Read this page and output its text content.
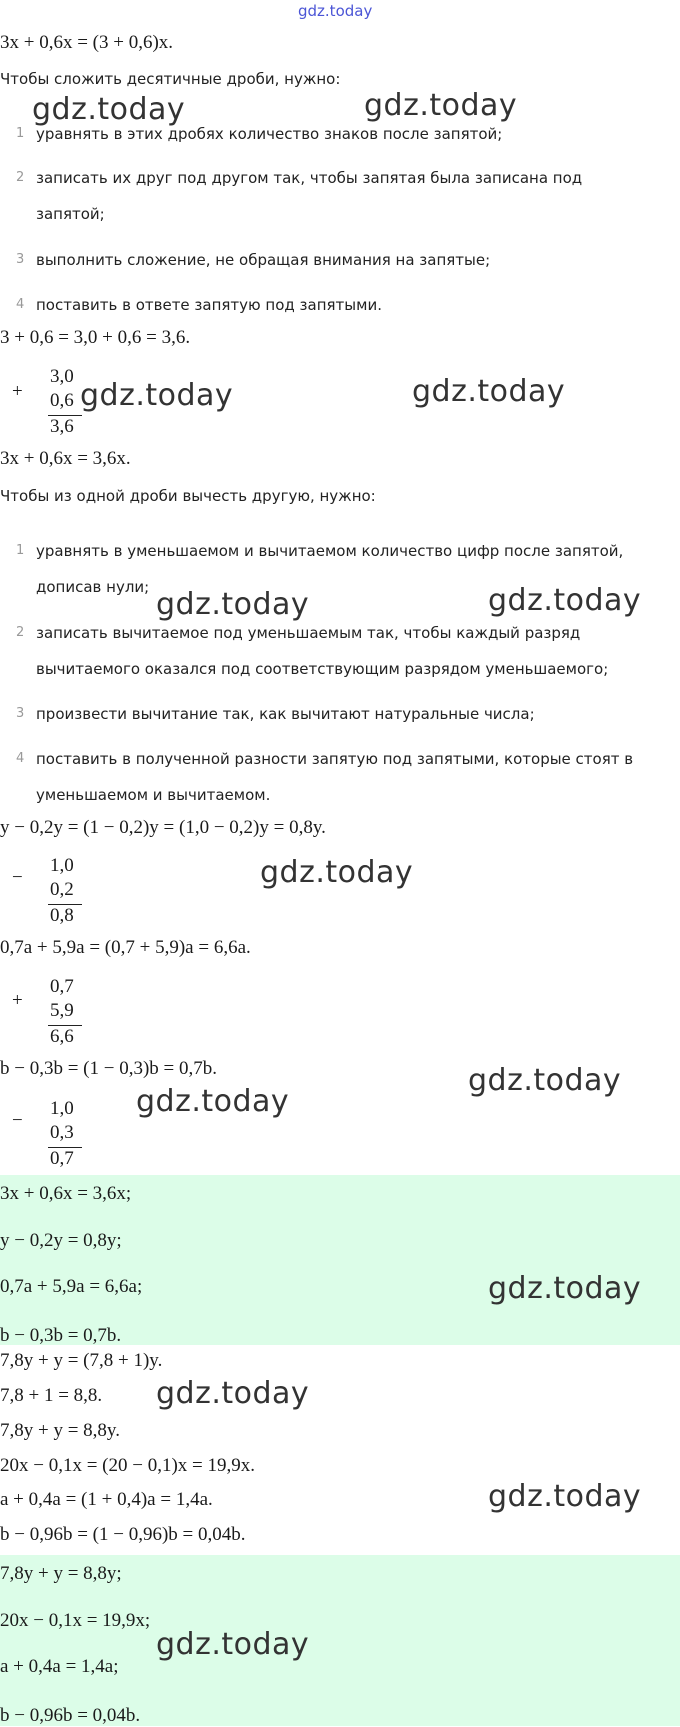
gdz.today
3x + 0,6x = (3 + 0,6)x.
Чтобы сложить десятичные дроби, нужно:
1 уравнять в этих дробях количество знаков после запятой;
2 записать их друг под другом так, чтобы запятая была записана под
запятой;
3 выполнить сложение, не обращая внимания на запятые;
4 поставить в ответе запятую под запятыми.
3 + 0,6 = 3,0 + 0,6 = 3,6.
+
3,0
0,6
3,6
3x + 0,6x = 3,6x.
Чтобы из одной дроби вычесть другую, нужно:
1 уравнять в уменьшаемом и вычитаемом количество цифр после запятой,
дописав нули;
2 записать вычитаемое под уменьшаемым так, чтобы каждый разряд
вычитаемого оказался под соответствующим разрядом уменьшаемого;
3 произвести вычитание так, как вычитают натуральные числа;
4 поставить в полученной разности запятую под запятыми, которые стоят в
уменьшаемом и вычитаемом.
y − 0,2y = (1 − 0,2)y = (1,0 − 0,2)y = 0,8y.
−
1,0
0,2
0,8
0,7a + 5,9a = (0,7 + 5,9)a = 6,6a.
+
0,7
5,9
6,6
b − 0,3b = (1 − 0,3)b = 0,7b.
−
1,0
0,3
0,7
3x + 0,6x = 3,6x;
y − 0,2y = 0,8y;
0,7a + 5,9a = 6,6a;
b − 0,3b = 0,7b.
7,8y + y = (7,8 + 1)y.
7,8 + 1 = 8,8.
7,8y + y = 8,8y.
20x − 0,1x = (20 − 0,1)x = 19,9x.
a + 0,4a = (1 + 0,4)a = 1,4a.
b − 0,96b = (1 − 0,96)b = 0,04b.
7,8y + y = 8,8y;
20x − 0,1x = 19,9x;
a + 0,4a = 1,4a;
b − 0,96b = 0,04b.
gdz.today	gdz.today
gdz.today	gdz.today
gdz.today	gdz.today
gdz.today
gdz.today
gdz.today
gdz.today
gdz.today
gdz.today
gdz.today
